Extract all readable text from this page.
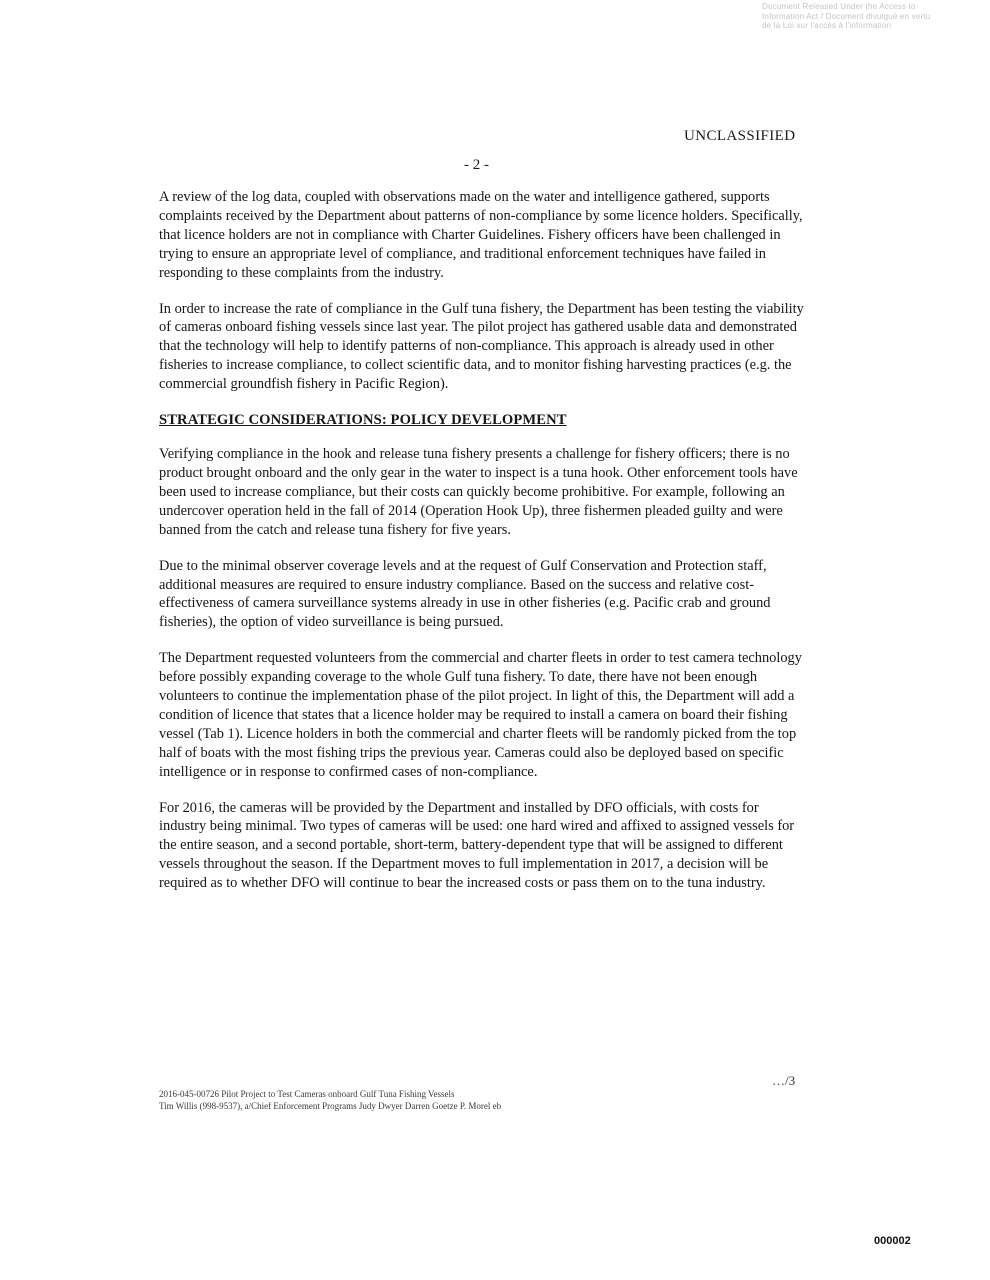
Document Released Under the Access to
Information Act / Document divulgué en vertu
de la Loi sur l'accès à l'information
UNCLASSIFIED
- 2 -

A review of the log data, coupled with observations made on the water and intelligence gathered, supports complaints received by the Department about patterns of non-compliance by some licence holders. Specifically, that licence holders are not in compliance with Charter Guidelines. Fishery officers have been challenged in trying to ensure an appropriate level of compliance, and traditional enforcement techniques have failed in responding to these complaints from the industry.

In order to increase the rate of compliance in the Gulf tuna fishery, the Department has been testing the viability of cameras onboard fishing vessels since last year. The pilot project has gathered usable data and demonstrated that the technology will help to identify patterns of non-compliance. This approach is already used in other fisheries to increase compliance, to collect scientific data, and to monitor fishing harvesting practices (e.g. the commercial groundfish fishery in Pacific Region).

STRATEGIC CONSIDERATIONS: POLICY DEVELOPMENT

Verifying compliance in the hook and release tuna fishery presents a challenge for fishery officers; there is no product brought onboard and the only gear in the water to inspect is a tuna hook. Other enforcement tools have been used to increase compliance, but their costs can quickly become prohibitive. For example, following an undercover operation held in the fall of 2014 (Operation Hook Up), three fishermen pleaded guilty and were banned from the catch and release tuna fishery for five years.

Due to the minimal observer coverage levels and at the request of Gulf Conservation and Protection staff, additional measures are required to ensure industry compliance. Based on the success and relative cost-effectiveness of camera surveillance systems already in use in other fisheries (e.g. Pacific crab and ground fisheries), the option of video surveillance is being pursued.

The Department requested volunteers from the commercial and charter fleets in order to test camera technology before possibly expanding coverage to the whole Gulf tuna fishery. To date, there have not been enough volunteers to continue the implementation phase of the pilot project. In light of this, the Department will add a condition of licence that states that a licence holder may be required to install a camera on board their fishing vessel (Tab 1). Licence holders in both the commercial and charter fleets will be randomly picked from the top half of boats with the most fishing trips the previous year. Cameras could also be deployed based on specific intelligence or in response to confirmed cases of non-compliance.

For 2016, the cameras will be provided by the Department and installed by DFO officials, with costs for industry being minimal. Two types of cameras will be used: one hard wired and affixed to assigned vessels for the entire season, and a second portable, short-term, battery-dependent type that will be assigned to different vessels throughout the season. If the Department moves to full implementation in 2017, a decision will be required as to whether DFO will continue to bear the increased costs or pass them on to the tuna industry.

…/3
2016-045-00726 Pilot Project to Test Cameras onboard Gulf Tuna Fishing Vessels
Tim Willis (998-9537), a/Chief Enforcement Programs Judy Dwyer Darren Goetze P. Morel eb
000002
